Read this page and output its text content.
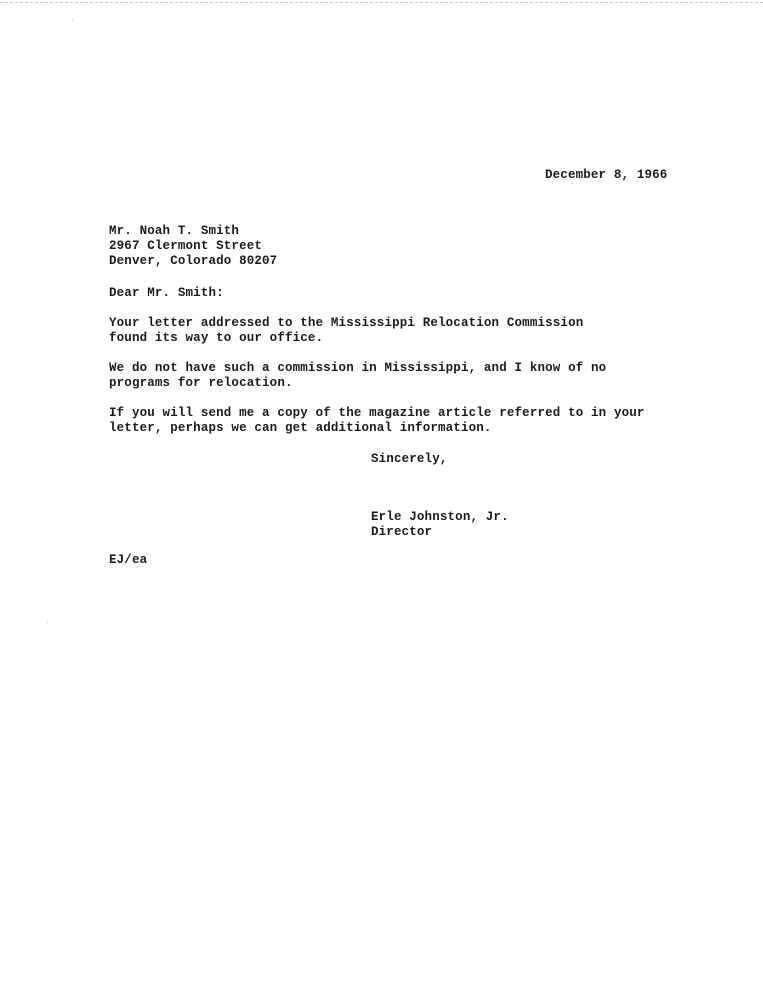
December 8, 1966

Mr. Noah T. Smith

2967 Clermont Street

Denver, Colorado 80207

Dear Mr. Smith:

Your letter addressed to the Mississippi Relocation Commission

found its way to our office.

We do not have such a commission in Mississippi, and I know of no

programs for relocation.

If you will send me a copy of the magazine article referred to in your

letter, perhaps we can get additional information.

Sincerely,

Erle Johnston, Jr.

Director

EJ/ea
